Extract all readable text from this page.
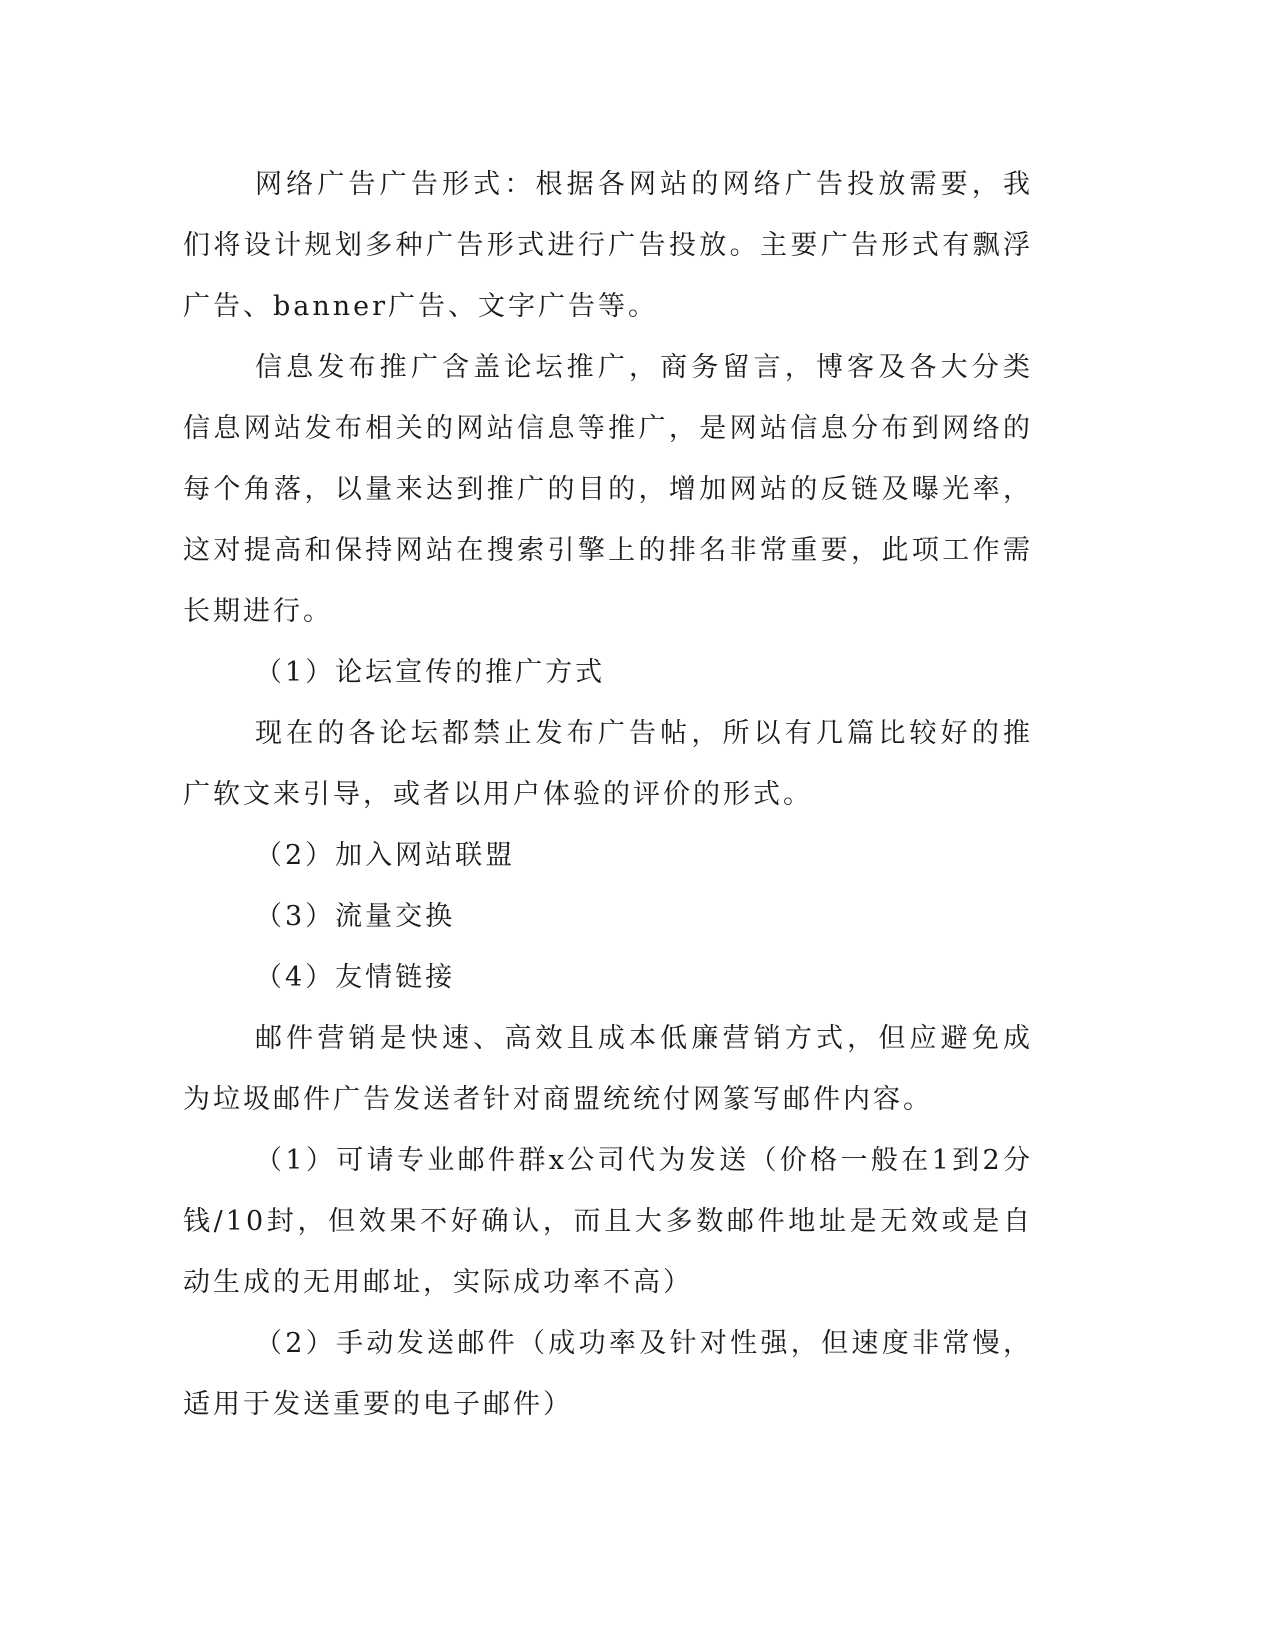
网络广告广告形式：根据各网站的网络广告投放需要，我们将设计规划多种广告形式进行广告投放。主要广告形式有飘浮广告、banner广告、文字广告等。

信息发布推广含盖论坛推广，商务留言，博客及各大分类信息网站发布相关的网站信息等推广，是网站信息分布到网络的每个角落，以量来达到推广的目的，增加网站的反链及曝光率，这对提高和保持网站在搜索引擎上的排名非常重要，此项工作需长期进行。

（1）论坛宣传的推广方式

现在的各论坛都禁止发布广告帖，所以有几篇比较好的推广软文来引导，或者以用户体验的评价的形式。

（2）加入网站联盟

（3）流量交换

（4）友情链接

邮件营销是快速、高效且成本低廉营销方式，但应避免成为垃圾邮件广告发送者针对商盟统统付网篆写邮件内容。

（1）可请专业邮件群x公司代为发送（价格一般在1到2分钱/10封，但效果不好确认，而且大多数邮件地址是无效或是自动生成的无用邮址，实际成功率不高）

（2）手动发送邮件（成功率及针对性强，但速度非常慢，适用于发送重要的电子邮件）
